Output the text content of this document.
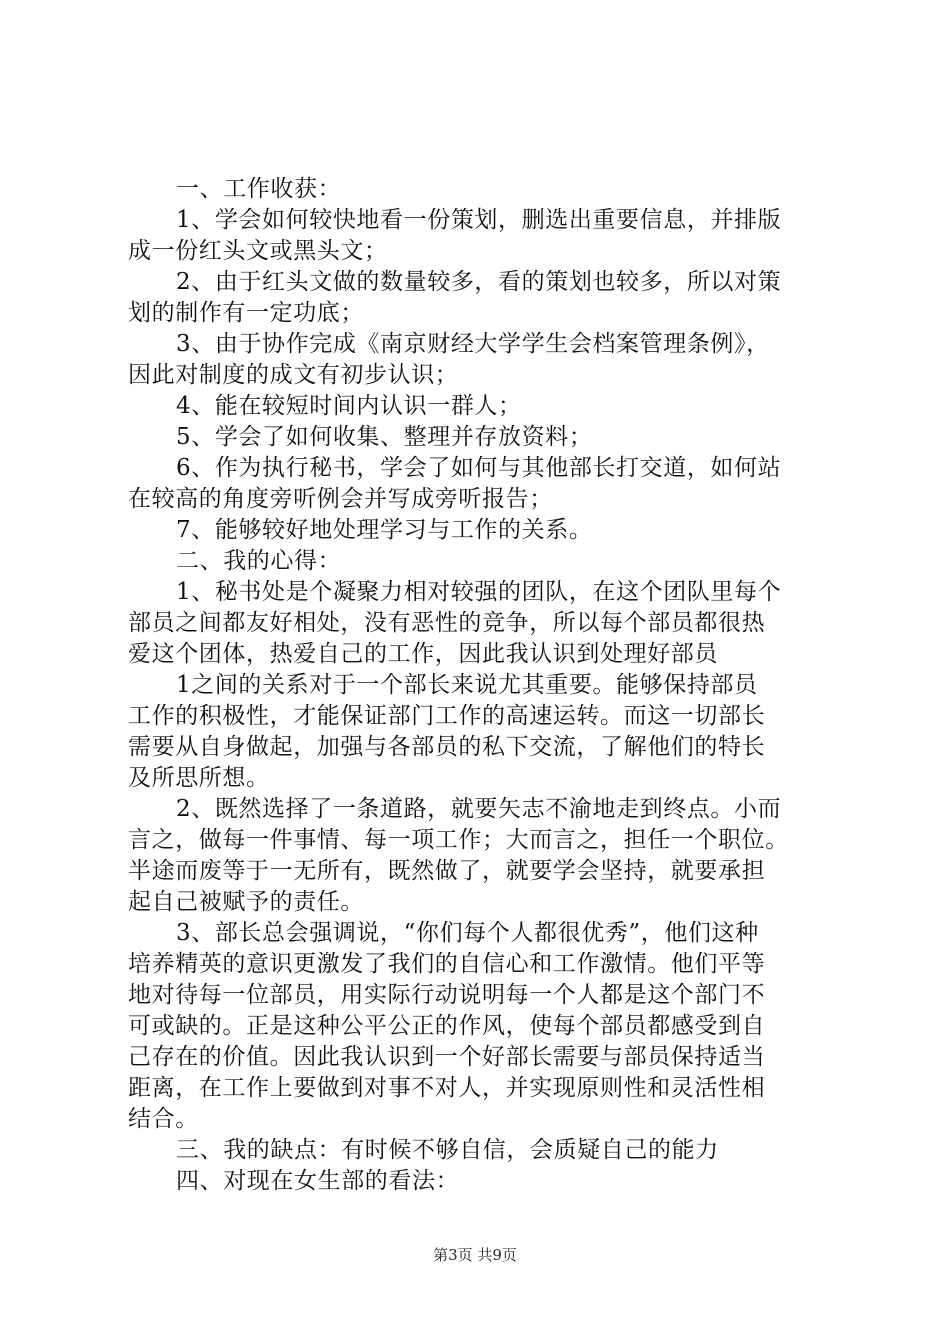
一、工作收获：
1、学会如何较快地看一份策划，删选出重要信息，并排版
成一份红头文或黑头文；
2、由于红头文做的数量较多，看的策划也较多，所以对策
划的制作有一定功底；
3、由于协作完成《南京财经大学学生会档案管理条例》，
因此对制度的成文有初步认识；
4、能在较短时间内认识一群人；
5、学会了如何收集、整理并存放资料；
6、作为执行秘书，学会了如何与其他部长打交道，如何站
在较高的角度旁听例会并写成旁听报告；
7、能够较好地处理学习与工作的关系。
二、我的心得：
1、秘书处是个凝聚力相对较强的团队，在这个团队里每个
部员之间都友好相处，没有恶性的竞争，所以每个部员都很热
爱这个团体，热爱自己的工作，因此我认识到处理好部员
1之间的关系对于一个部长来说尤其重要。能够保持部员
工作的积极性，才能保证部门工作的高速运转。而这一切部长
需要从自身做起，加强与各部员的私下交流，了解他们的特长
及所思所想。
2、既然选择了一条道路，就要矢志不渝地走到终点。小而
言之，做每一件事情、每一项工作；大而言之，担任一个职位。
半途而废等于一无所有，既然做了，就要学会坚持，就要承担
起自己被赋予的责任。
3、部长总会强调说，“你们每个人都很优秀”，他们这种
培养精英的意识更激发了我们的自信心和工作激情。他们平等
地对待每一位部员，用实际行动说明每一个人都是这个部门不
可或缺的。正是这种公平公正的作风，使每个部员都感受到自
己存在的价值。因此我认识到一个好部长需要与部员保持适当
距离，在工作上要做到对事不对人，并实现原则性和灵活性相
结合。
三、我的缺点：有时候不够自信，会质疑自己的能力
四、对现在女生部的看法：
第3页 共9页
